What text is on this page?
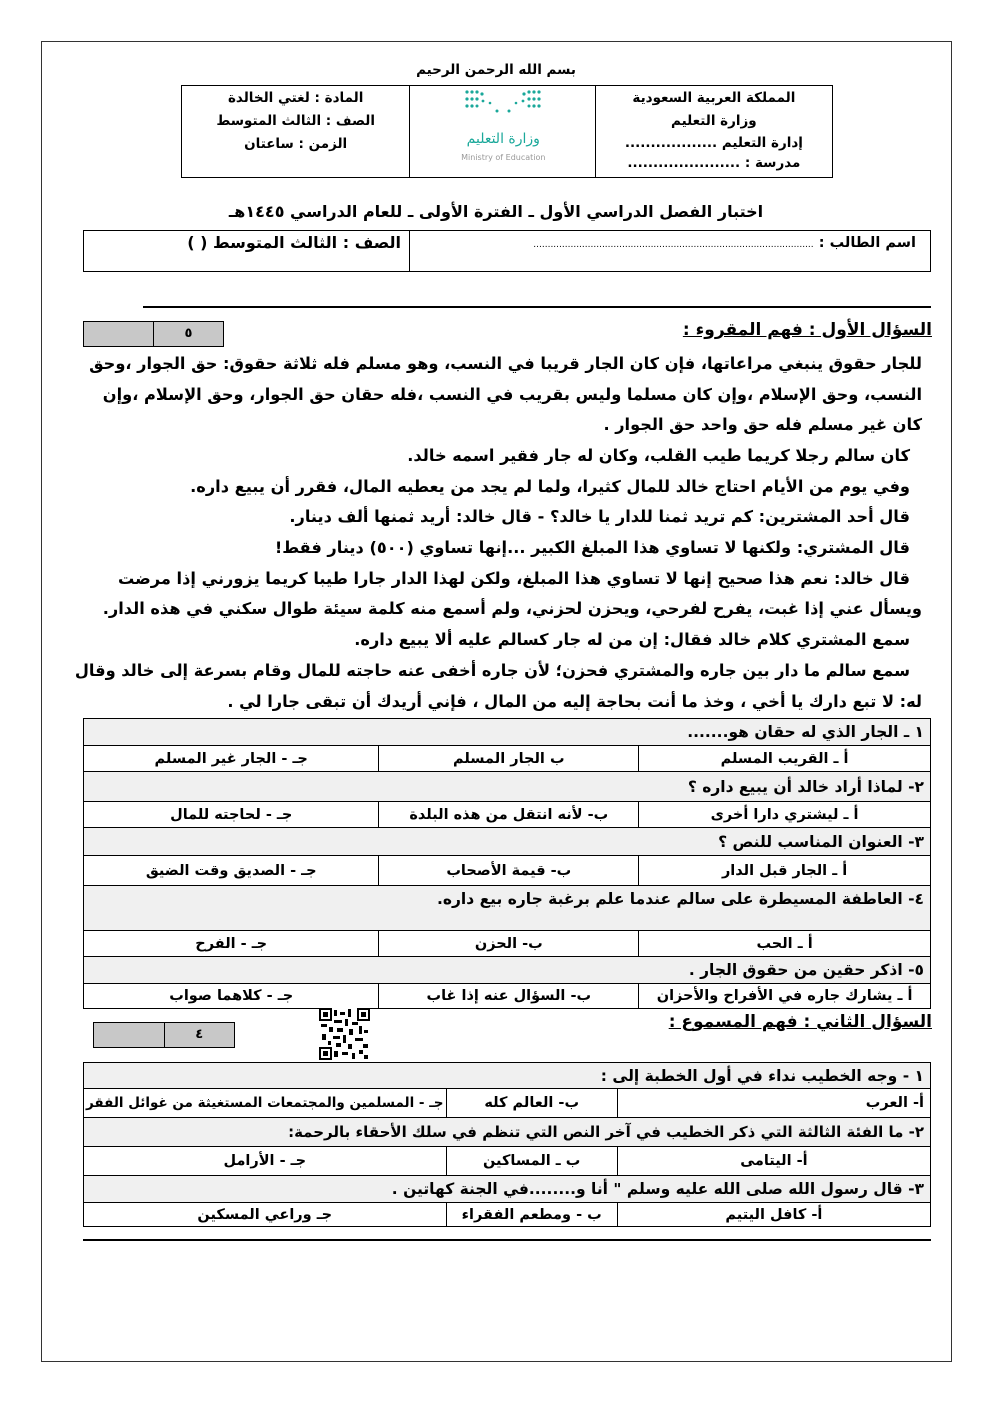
بسم الله الرحمن الرحيم
المملكة العربية السعودية
وزارة التعليم
إدارة التعليم ..................
مدرسة : ......................
وزارة التعليم
Ministry of Education
المادة : لغتي الخالدة
الصف : الثالث المتوسط
الزمن : ساعتان
اختبار الفصل الدراسي الأول ـ الفترة الأولى ـ للعام الدراسي ١٤٤٥هـ
اسم الطالب : ..................................................................................................
الصف : الثالث المتوسط ( )
السؤال الأول : فهم المقروء :
٥
للجار حقوق ينبغي مراعاتها، فإن كان الجار قريبا في النسب، وهو مسلم فله ثلاثة حقوق: حق الجوار ،وحق
النسب، وحق الإسلام ،وإن كان مسلما وليس بقريب في النسب ،فله حقان حق الجوار، وحق الإسلام ،وإن
كان غير مسلم فله حق واحد حق الجوار .
كان سالم رجلا كريما طيب القلب، وكان له جار فقير اسمه خالد.
وفي يوم من الأيام احتاج خالد للمال كثيرا، ولما لم يجد من يعطيه المال، فقرر أن يبيع داره.
قال أحد المشترين: كم تريد ثمنا للدار يا خالد؟ - قال خالد: أريد ثمنها ألف دينار.
قال المشتري: ولكنها لا تساوي هذا المبلغ الكبير ...إنها تساوي (٥٠٠) دينار فقط!
قال خالد: نعم هذا صحيح إنها لا تساوي هذا المبلغ، ولكن لهذا الدار جارا طيبا كريما يزورني إذا مرضت
ويسأل عني إذا غبت، يفرح لفرحي، ويحزن لحزني، ولم أسمع منه كلمة سيئة طوال سكني في هذه الدار.
سمع المشتري كلام خالد فقال: إن من له جار كسالم عليه ألا يبيع داره.
سمع سالم ما دار بين جاره والمشتري فحزن؛ لأن جاره أخفى عنه حاجته للمال وقام بسرعة إلى خالد وقال
له: لا تبع دارك يا أخي ، وخذ ما أنت بحاجة إليه من المال ، فإني أريدك أن تبقى جارا لي .
١ ـ الجار الذي له حقان هو.......		
أ ـ القريب المسلم	ب الجار المسلم	جـ - الجار غير المسلم
٢- لماذا أراد خالد أن يبيع داره ؟		
أ ـ ليشتري دارا أخرى	ب- لأنه انتقل من هذه البلدة	جـ - لحاجته للمال
٣- العنوان المناسب للنص ؟		
أ ـ الجار قبل الدار	ب- قيمة الأصحاب	جـ - الصديق وقت الضيق
٤- العاطفة المسيطرة على سالم عندما علم برغبة جاره بيع داره.		
أ ـ الحب	ب- الحزن	جـ - الفرح
٥- اذكر حقين من حقوق الجار .		
أ ـ يشارك جاره في الأفراح والأحزان	ب- السؤال عنه إذا غاب	جـ - كلاهما صواب
السؤال الثاني : فهم المسموع :
٤
١ - وجه الخطيب نداء في أول الخطبة إلى :		
أ- العرب	ب- العالم كله	جـ - المسلمين والمجتمعات المستغيثة من غوائل الفقر
٢- ما الفئة الثالثة التي ذكر الخطيب في آخر النص التي تنظم في سلك الأحقاء بالرحمة:		
أ- اليتامى	ب ـ المساكين	جـ - الأرامل
٣- قال رسول الله صلى الله عليه وسلم " أنا و........في الجنة كهاتين .		
أ- كافل اليتيم	ب - ومطعم الفقراء	جـ وراعي المسكين
